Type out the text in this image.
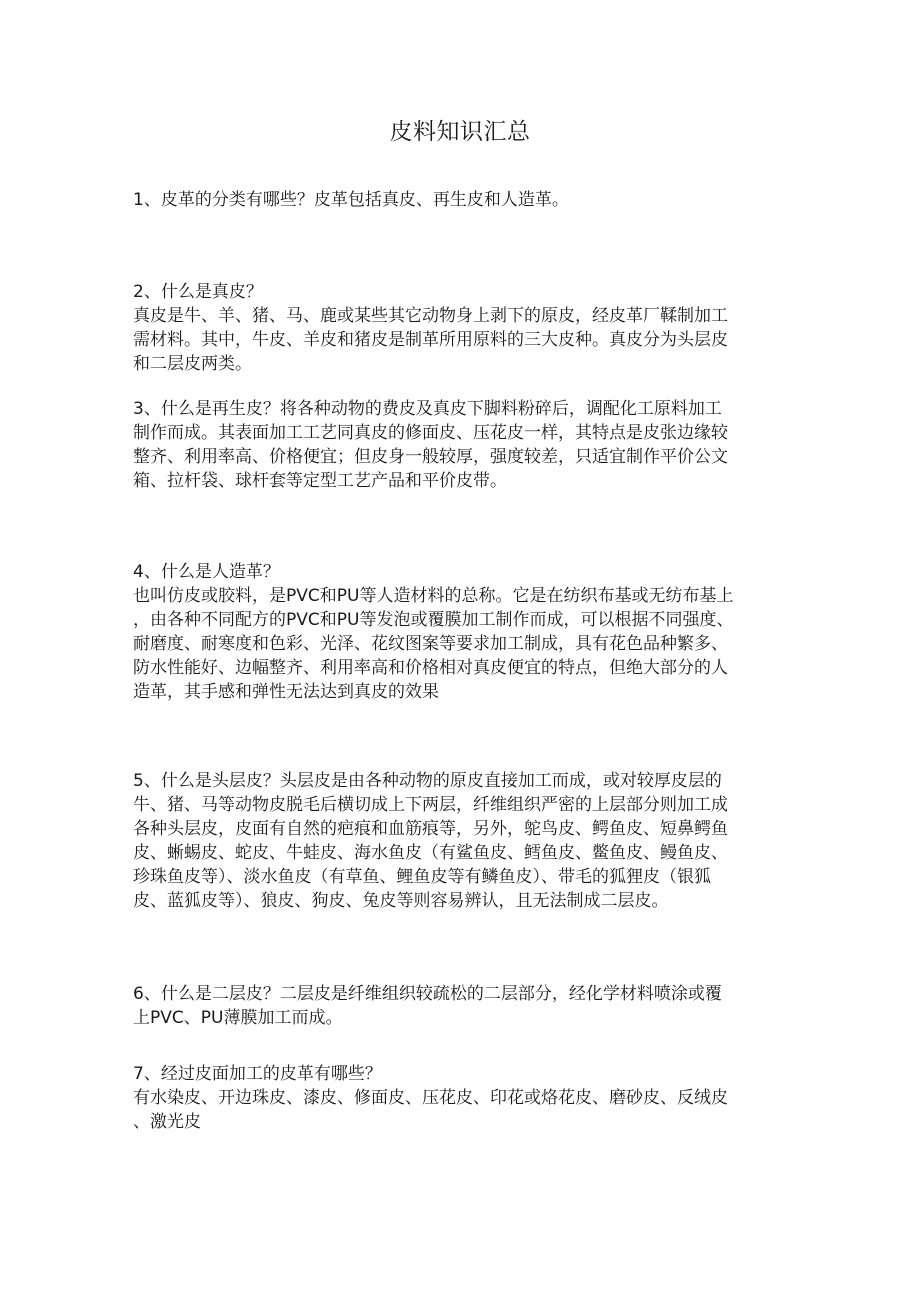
皮料知识汇总
1、皮革的分类有哪些？皮革包括真皮、再生皮和人造革。
2、什么是真皮？
真皮是牛、羊、猪、马、鹿或某些其它动物身上剥下的原皮，经皮革厂鞣制加工
需材料。其中，牛皮、羊皮和猪皮是制革所用原料的三大皮种。真皮分为头层皮
和二层皮两类。
3、什么是再生皮？将各种动物的费皮及真皮下脚料粉碎后，调配化工原料加工
制作而成。其表面加工工艺同真皮的修面皮、压花皮一样，其特点是皮张边缘较
整齐、利用率高、价格便宜；但皮身一般较厚，强度较差，只适宜制作平价公文
箱、拉杆袋、球杆套等定型工艺产品和平价皮带。
4、什么是人造革？
也叫仿皮或胶料，是PVC和PU等人造材料的总称。它是在纺织布基或无纺布基上
，由各种不同配方的PVC和PU等发泡或覆膜加工制作而成，可以根据不同强度、
耐磨度、耐寒度和色彩、光泽、花纹图案等要求加工制成，具有花色品种繁多、
防水性能好、边幅整齐、利用率高和价格相对真皮便宜的特点，但绝大部分的人
造革，其手感和弹性无法达到真皮的效果
5、什么是头层皮？头层皮是由各种动物的原皮直接加工而成，或对较厚皮层的
牛、猪、马等动物皮脱毛后横切成上下两层，纤维组织严密的上层部分则加工成
各种头层皮，皮面有自然的疤痕和血筋痕等，另外，鸵鸟皮、鳄鱼皮、短鼻鳄鱼
皮、蜥蜴皮、蛇皮、牛蛙皮、海水鱼皮（有鲨鱼皮、鳕鱼皮、鳖鱼皮、鳗鱼皮、
珍珠鱼皮等）、淡水鱼皮（有草鱼、鲤鱼皮等有鳞鱼皮）、带毛的狐狸皮（银狐
皮、蓝狐皮等）、狼皮、狗皮、兔皮等则容易辨认，且无法制成二层皮。
6、什么是二层皮？二层皮是纤维组织较疏松的二层部分，经化学材料喷涂或覆
上PVC、PU薄膜加工而成。
7、经过皮面加工的皮革有哪些？
有水染皮、开边珠皮、漆皮、修面皮、压花皮、印花或烙花皮、磨砂皮、反绒皮
、激光皮
